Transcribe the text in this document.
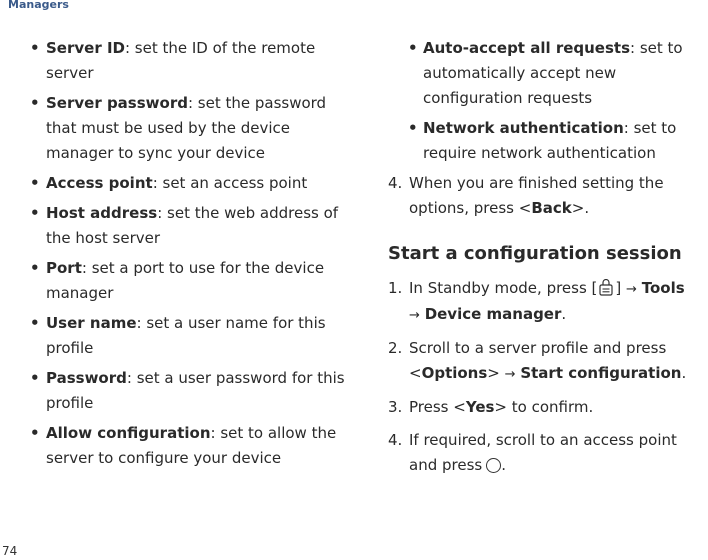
Managers
• Server ID: set the ID of the remote server
• Server password: set the password that must be used by the device manager to sync your device
• Access point: set an access point
• Host address: set the web address of the host server
• Port: set a port to use for the device manager
• User name: set a user name for this profile
• Password: set a user password for this profile
• Allow configuration: set to allow the server to configure your device
• Auto-accept all requests: set to automatically accept new configuration requests
• Network authentication: set to require network authentication
4. When you are finished setting the options, press <Back>.
Start a configuration session
1. In Standby mode, press [ ] → Tools
→ Device manager.
2. Scroll to a server profile and press <Options> → Start configuration.
3. Press <Yes> to confirm.
4. If required, scroll to an access point and press .
74
